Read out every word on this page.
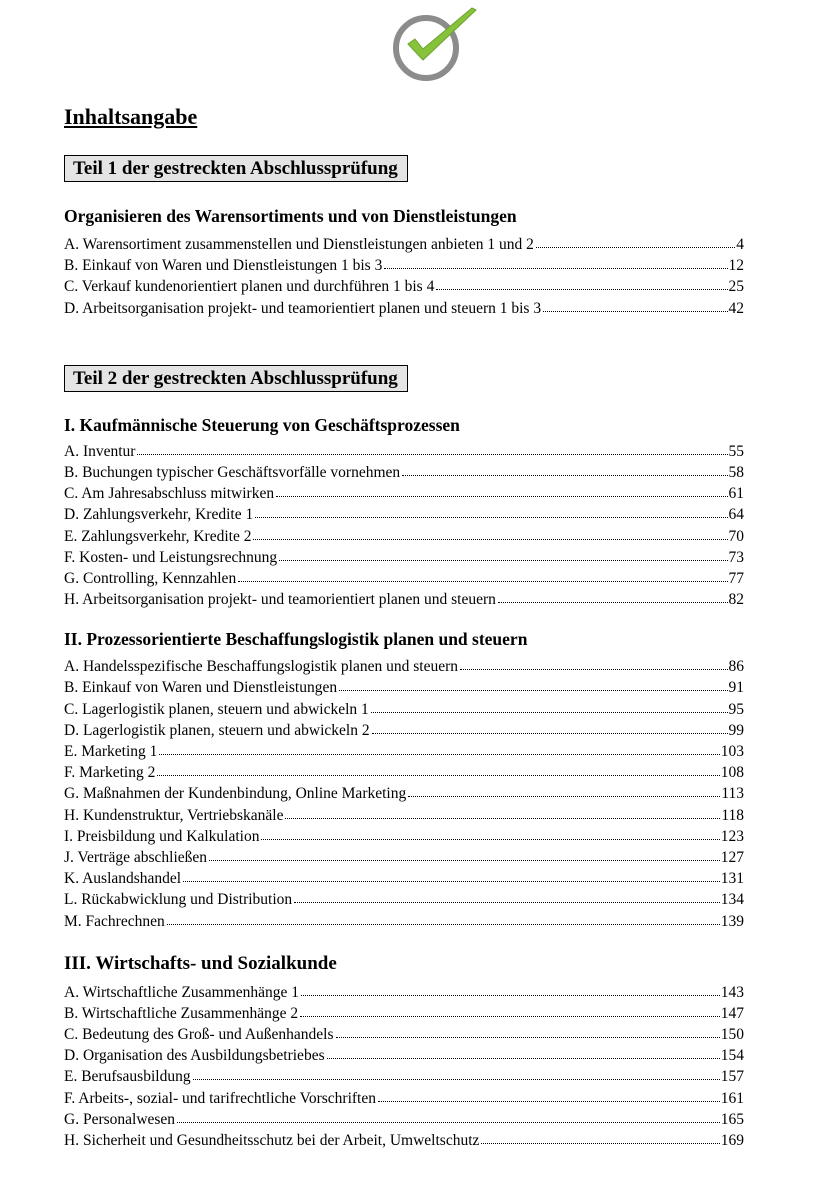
Inhaltsangabe
Teil 1 der gestreckten Abschlussprüfung
Organisieren des Warensortiments und von Dienstleistungen
A. Warensortiment zusammenstellen und Dienstleistungen anbieten 1 und 2	4
B. Einkauf von Waren und Dienstleistungen 1 bis 3	12
C. Verkauf kundenorientiert planen und durchführen 1 bis 4	25
D. Arbeitsorganisation projekt- und teamorientiert planen und steuern 1 bis 3	42
Teil 2 der gestreckten Abschlussprüfung
I. Kaufmännische Steuerung von Geschäftsprozessen
A. Inventur	55
B. Buchungen typischer Geschäftsvorfälle vornehmen	58
C. Am Jahresabschluss mitwirken	61
D. Zahlungsverkehr, Kredite 1	64
E. Zahlungsverkehr, Kredite 2	70
F. Kosten- und Leistungsrechnung	73
G. Controlling, Kennzahlen	77
H. Arbeitsorganisation projekt- und teamorientiert planen und steuern	82
II. Prozessorientierte Beschaffungslogistik planen und steuern
A. Handelsspezifische Beschaffungslogistik planen und steuern	86
B. Einkauf von Waren und Dienstleistungen	91
C. Lagerlogistik planen, steuern und abwickeln 1	95
D. Lagerlogistik planen, steuern und abwickeln 2	99
E. Marketing 1	103
F. Marketing 2	108
G. Maßnahmen der Kundenbindung, Online Marketing	113
H. Kundenstruktur, Vertriebskanäle	118
I. Preisbildung und Kalkulation	123
J. Verträge abschließen	127
K. Auslandshandel	131
L. Rückabwicklung und Distribution	134
M. Fachrechnen	139
III. Wirtschafts- und Sozialkunde
A. Wirtschaftliche Zusammenhänge 1	143
B. Wirtschaftliche Zusammenhänge 2	147
C. Bedeutung des Groß- und Außenhandels	150
D. Organisation des Ausbildungsbetriebes	154
E. Berufsausbildung	157
F. Arbeits-, sozial- und tarifrechtliche Vorschriften	161
G. Personalwesen	165
H. Sicherheit und Gesundheitsschutz bei der Arbeit, Umweltschutz	169
